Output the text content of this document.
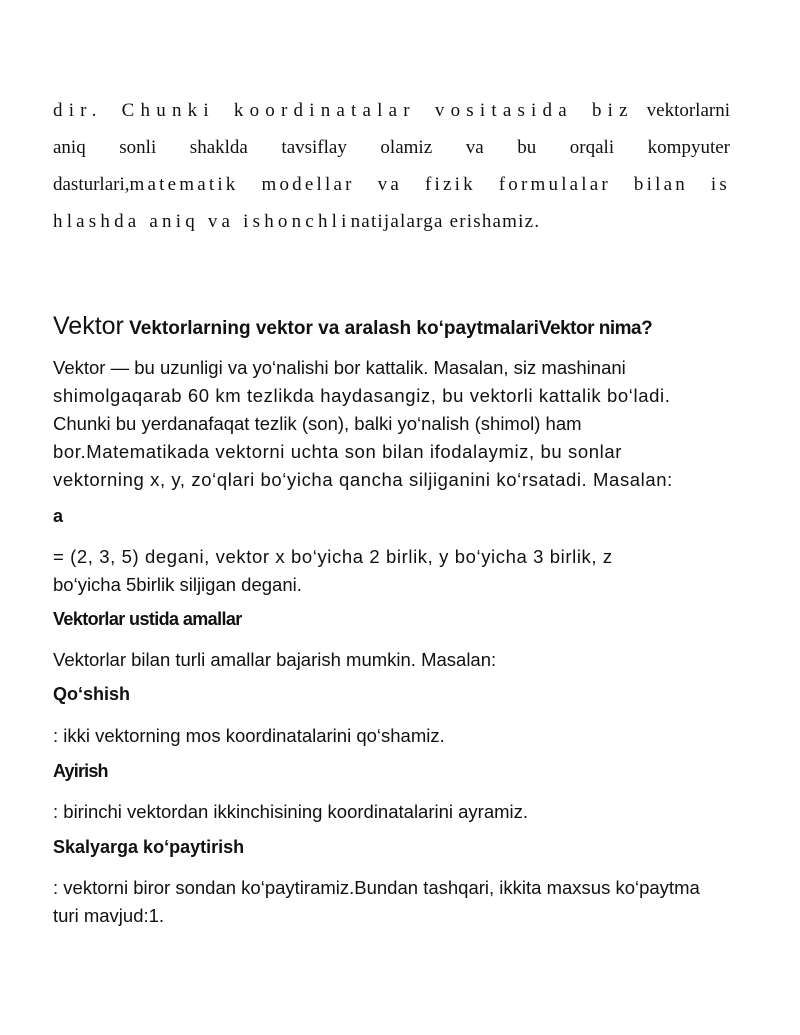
dir. Chunki koordinatalar vositasida biz vektorlarni
aniq sonli shaklda tavsiflay olamiz va bu orqali kompyuter
dasturlari,matematik modellar va fizik formulalar bilan is
hlashda aniq va ishonchlinatijalarga erishamiz.

Vektor Vektorlarning vektor va aralash ko‘paytmalariVektor nima?
Vektor — bu uzunligi va yo‘nalishi bor kattalik. Masalan, siz mashinani
shimolgaqarab 60 km tezlikda haydasangiz, bu vektorli kattalik bo‘ladi.
Chunki bu yerdanafaqat tezlik (son), balki yo‘nalish (shimol) ham
bor.Matematikada vektorni uchta son bilan ifodalaymiz, bu sonlar
vektorning x, y, zo‘qlari bo‘yicha qancha siljiganini ko‘rsatadi. Masalan:
a
= (2, 3, 5) degani, vektor x bo‘yicha 2 birlik, y bo‘yicha 3 birlik, z
bo‘yicha 5birlik siljigan degani.
Vektorlar ustida amallar
Vektorlar bilan turli amallar bajarish mumkin. Masalan:
Qo‘shish
: ikki vektorning mos koordinatalarini qo‘shamiz.
Ayirish
: birinchi vektordan ikkinchisining koordinatalarini ayramiz.
Skalyarga ko‘paytirish
: vektorni biror sondan ko‘paytiramiz.Bundan tashqari, ikkita maxsus ko‘paytma
turi mavjud:1.
